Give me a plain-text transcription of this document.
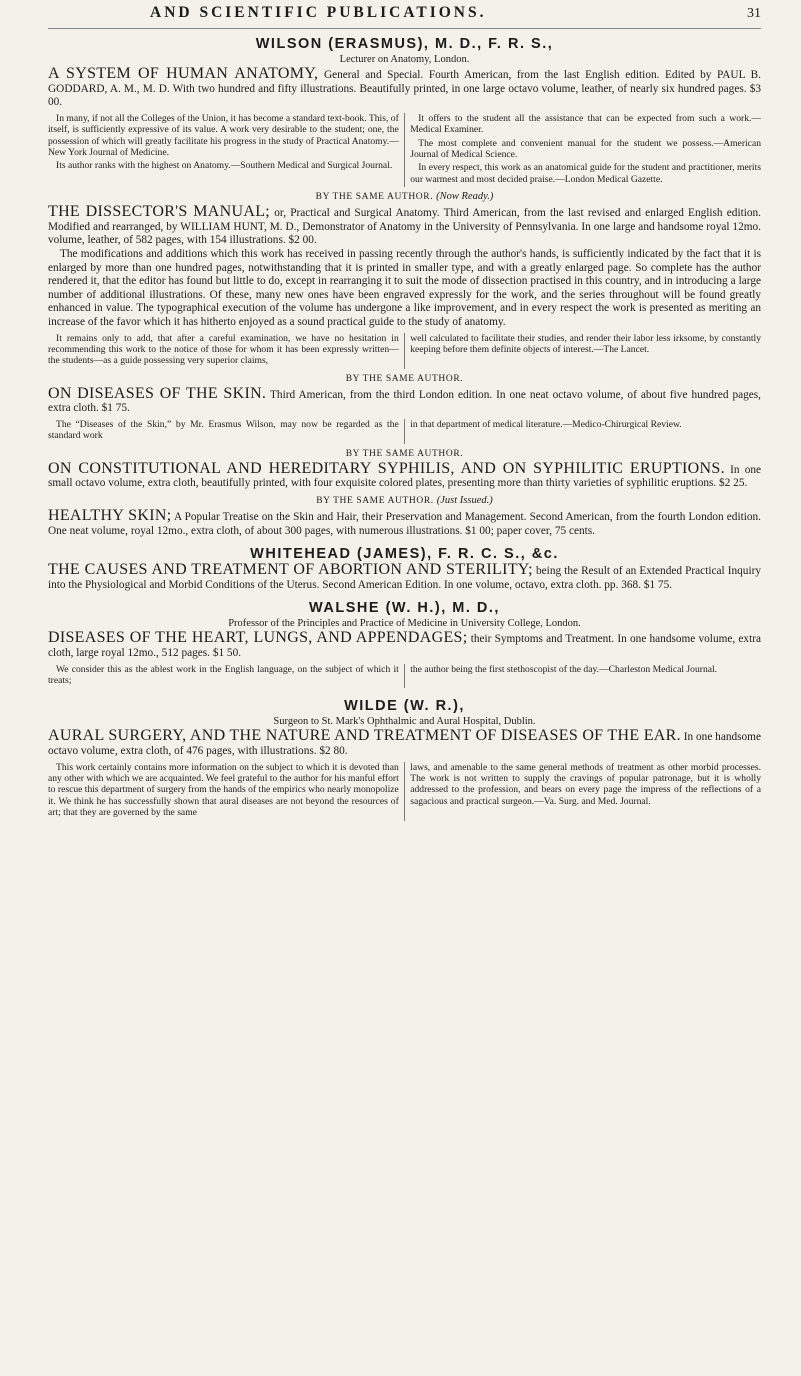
AND SCIENTIFIC PUBLICATIONS.	31

WILSON (ERASMUS), M. D., F. R. S.,

Lecturer on Anatomy, London.

A SYSTEM OF HUMAN ANATOMY, General and Special. Fourth American, from the last English edition. Edited by PAUL B. GODDARD, A. M., M. D. With two hundred and fifty illustrations. Beautifully printed, in one large octavo volume, leather, of nearly six hundred pages. $3 00.

In many, if not all the Colleges of the Union, it has become a standard text-book. This, of itself, is sufficiently expressive of its value. A work very desirable to the student; one, the possession of which will greatly facilitate his progress in the study of Practical Anatomy.—New York Journal of Medicine.

Its author ranks with the highest on Anatomy.—Southern Medical and Surgical Journal.

It offers to the student all the assistance that can be expected from such a work.—Medical Examiner.

The most complete and convenient manual for the student we possess.—American Journal of Medical Science.

In every respect, this work as an anatomical guide for the student and practitioner, merits our warmest and most decided praise.—London Medical Gazette.

BY THE SAME AUTHOR. (Now Ready.)

THE DISSECTOR'S MANUAL; or, Practical and Surgical Anatomy. Third American, from the last revised and enlarged English edition. Modified and rearranged, by WILLIAM HUNT, M. D., Demonstrator of Anatomy in the University of Pennsylvania. In one large and handsome royal 12mo. volume, leather, of 582 pages, with 154 illustrations. $2 00.

The modifications and additions which this work has received in passing recently through the author's hands, is sufficiently indicated by the fact that it is enlarged by more than one hundred pages, notwithstanding that it is printed in smaller type, and with a greatly enlarged page. So complete has the author rendered it, that the editor has found but little to do, except in rearranging it to suit the mode of dissection practised in this country, and in introducing a large number of additional illustrations. Of these, many new ones have been engraved expressly for the work, and the series throughout will be found greatly enhanced in value. The typographical execution of the volume has undergone a like improvement, and in every respect the work is presented as meriting an increase of the favor which it has hitherto enjoyed as a sound practical guide to the study of anatomy.

It remains only to add, that after a careful examination, we have no hesitation in recommending this work to the notice of those for whom it has been expressly written—the students—as a guide possessing very superior claims,

well calculated to facilitate their studies, and render their labor less irksome, by constantly keeping before them definite objects of interest.—The Lancet.

BY THE SAME AUTHOR.

ON DISEASES OF THE SKIN. Third American, from the third London edition. In one neat octavo volume, of about five hundred pages, extra cloth. $1 75.

The “Diseases of the Skin,” by Mr. Erasmus Wilson, may now be regarded as the standard work

in that department of medical literature.—Medico-Chirurgical Review.

BY THE SAME AUTHOR.

ON CONSTITUTIONAL AND HEREDITARY SYPHILIS, AND ON SYPHILITIC ERUPTIONS. In one small octavo volume, extra cloth, beautifully printed, with four exquisite colored plates, presenting more than thirty varieties of syphilitic eruptions. $2 25.

BY THE SAME AUTHOR. (Just Issued.)

HEALTHY SKIN; A Popular Treatise on the Skin and Hair, their Preservation and Management. Second American, from the fourth London edition. One neat volume, royal 12mo., extra cloth, of about 300 pages, with numerous illustrations. $1 00; paper cover, 75 cents.

WHITEHEAD (JAMES), F. R. C. S., &c.

THE CAUSES AND TREATMENT OF ABORTION AND STERILITY; being the Result of an Extended Practical Inquiry into the Physiological and Morbid Conditions of the Uterus. Second American Edition. In one volume, octavo, extra cloth. pp. 368. $1 75.

WALSHE (W. H.), M. D.,

Professor of the Principles and Practice of Medicine in University College, London.

DISEASES OF THE HEART, LUNGS, AND APPENDAGES; their Symptoms and Treatment. In one handsome volume, extra cloth, large royal 12mo., 512 pages. $1 50.

We consider this as the ablest work in the English language, on the subject of which it treats;

the author being the first stethoscopist of the day.—Charleston Medical Journal.

WILDE (W. R.),

Surgeon to St. Mark's Ophthalmic and Aural Hospital, Dublin.

AURAL SURGERY, AND THE NATURE AND TREATMENT OF DISEASES OF THE EAR. In one handsome octavo volume, extra cloth, of 476 pages, with illustrations. $2 80.

This work certainly contains more information on the subject to which it is devoted than any other with which we are acquainted. We feel grateful to the author for his manful effort to rescue this department of surgery from the hands of the empirics who nearly monopolize it. We think he has successfully shown that aural diseases are not beyond the resources of art; that they are governed by the same

laws, and amenable to the same general methods of treatment as other morbid processes. The work is not written to supply the cravings of popular patronage, but it is wholly addressed to the profession, and bears on every page the impress of the reflections of a sagacious and practical surgeon.—Va. Surg. and Med. Journal.
